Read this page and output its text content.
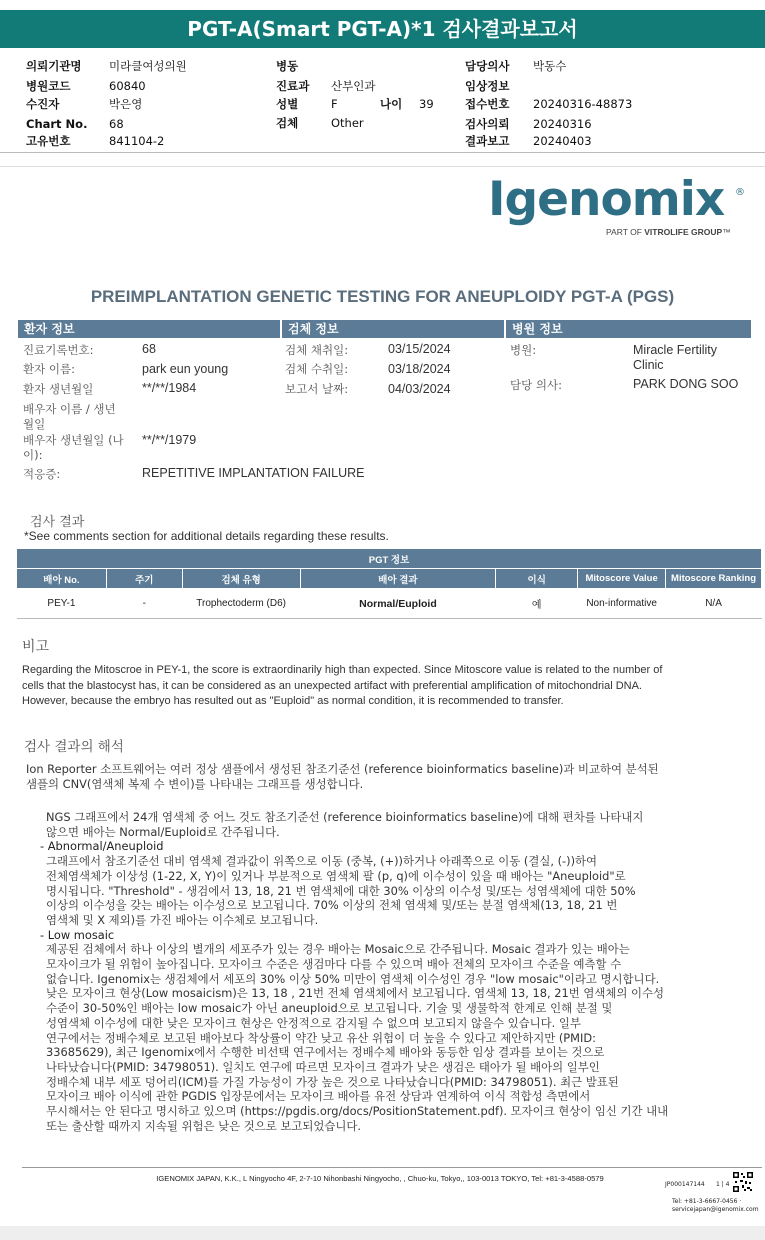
PGT-A(Smart PGT-A)*1 검사결과보고서
의뢰기관명 미라클여성의원
병원코드	60840
수진자	박은영
Chart No. 68
고유번호	841104-2
병동
진료과 산부인과
성별	F	나이 39
검체	Other
담당의사 박동수
임상정보
접수번호 20240316-48873
검사의뢰 20240316
결과보고 20240403
Igenomix ®
PART OF VITROLIFE GROUP™
PREIMPLANTATION GENETIC TESTING FOR ANEUPLOIDY PGT-A (PGS)
환자 정보	검체 정보	병원 정보
진료기록번호:	68
환자 이름:	park eun young
환자 생년월일	**/**/1984
배우자 이름 / 생년월일
배우자 생년월일 (나이):
**/**/1979
적응증:	REPETITIVE IMPLANTATION FAILURE
검체 채취일:	03/15/2024
검체 수취일:	03/18/2024
보고서 날짜:	04/03/2024
병원:	Miracle Fertility Clinic
담당 의사:	PARK DONG SOO
검사 결과
*See comments section for additional details regarding these results.
PGT 정보						
배아 No.	주기	검체 유형	배아 결과	이식	Mitoscore Value	Mitoscore Ranking
PEY-1	-	Trophectoderm (D6)	Normal/Euploid	예	Non-informative	N/A
비고
Regarding the Mitoscroe in PEY-1, the score is extraordinarily high than expected. Since Mitoscore value is related to the number of
cells that the blastocyst has, it can be considered as an unexpected artifact with preferential amplification of mitochondrial DNA.
However, because the embryo has resulted out as "Euploid" as normal condition, it is recommended to transfer.
검사 결과의 해석
Ion Reporter 소프트웨어는 여러 정상 샘플에서 생성된 참조기준선 (reference bioinformatics baseline)과 비교하여 분석된
샘플의 CNV(염색체 복제 수 변이)를 나타내는 그래프를 생성합니다.
NGS 그래프에서 24개 염색체 중 어느 것도 참조기준선 (reference bioinformatics baseline)에 대해 편차를 나타내지
않으면 배아는 Normal/Euploid로 간주됩니다.
- Abnormal/Aneuploid
그래프에서 참조기준선 대비 염색체 결과값이 위쪽으로 이동 (중복, (+))하거나 아래쪽으로 이동 (결실, (-))하여
전체염색체가 이상성 (1-22, X, Y)이 있거나 부분적으로 염색체 팔 (p, q)에 이수성이 있을 때 배아는 "Aneuploid"로
명시됩니다. "Threshold" - 생검에서 13, 18, 21 번 염색체에 대한 30% 이상의 이수성 및/또는 성염색체에 대한 50%
이상의 이수성을 갖는 배아는 이수성으로 보고됩니다. 70% 이상의 전체 염색체 및/또는 분절 염색체(13, 18, 21 번
염색체 및 X 제외)를 가진 배아는 이수체로 보고됩니다.
- Low mosaic
제공된 검체에서 하나 이상의 별개의 세포주가 있는 경우 배아는 Mosaic으로 간주됩니다. Mosaic 결과가 있는 배아는
모자이크가 될 위험이 높아집니다. 모자이크 수준은 생검마다 다를 수 있으며 배아 전체의 모자이크 수준을 예측할 수
없습니다. Igenomix는 생검체에서 세포의 30% 이상 50% 미만이 염색체 이수성인 경우 "low mosaic"이라고 명시합니다.
낮은 모자이크 현상(Low mosaicism)은 13, 18 , 21번 전체 염색체에서 보고됩니다. 염색체 13, 18, 21번 염색체의 이수성
수준이 30-50%인 배아는 low mosaic가 아닌 aneuploid으로 보고됩니다. 기술 및 생물학적 한계로 인해 분절 및
성염색체 이수성에 대한 낮은 모자이크 현상은 안정적으로 감지될 수 없으며 보고되지 않을수 있습니다. 일부
연구에서는 정배수체로 보고된 배아보다 착상률이 약간 낮고 유산 위험이 더 높을 수 있다고 제안하지만 (PMID:
33685629), 최근 Igenomix에서 수행한 비선택 연구에서는 정배수체 배아와 동등한 임상 결과를 보이는 것으로
나타났습니다(PMID: 34798051). 일치도 연구에 따르면 모자이크 결과가 낮은 생검은 태아가 될 배아의 일부인
정배수체 내부 세포 덩어리(ICM)를 가질 가능성이 가장 높은 것으로 나타났습니다(PMID: 34798051). 최근 발표된
모자이크 배아 이식에 관한 PGDIS 입장문에서는 모자이크 배아를 유전 상담과 연계하여 이식 적합성 측면에서
무시해서는 안 된다고 명시하고 있으며 (https://pgdis.org/docs/PositionStatement.pdf). 모자이크 현상이 임신 기간 내내
또는 출산할 때까지 지속될 위험은 낮은 것으로 보고되었습니다.
IGENOMIX JAPAN, K.K., L Ningyocho 4F, 2-7-10 Nihonbashi Ningyocho, , Chuo-ku, Tokyo,, 103-0013 TOKYO, Tel: +81-3-4588-0579
JP000147144 1 | 4
Tel: +81-3-6667-0456 ·
servicejapan@igenomix.com
